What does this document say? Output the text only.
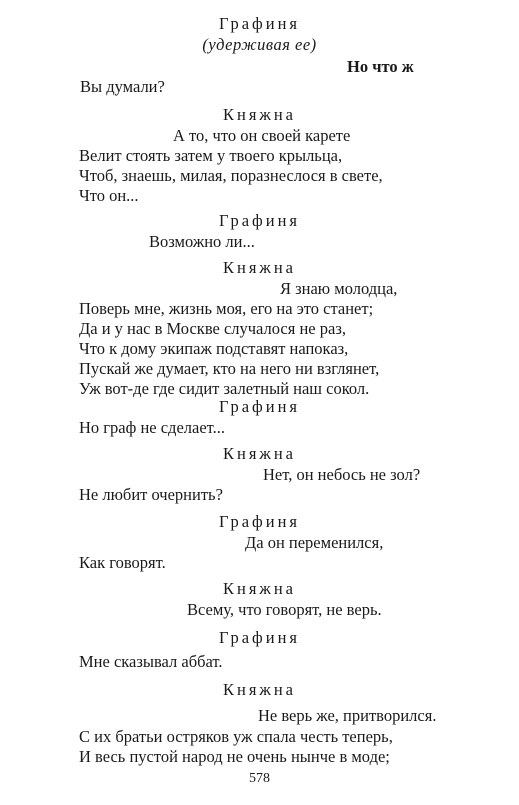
Графиня
(удерживая ее)
Но что ж
Вы думали?
Княжна
А то, что он своей карете
Велит стоять затем у твоего крыльца,
Чтоб, знаешь, милая, поразнеслося в свете,
Что он...
Графиня
Возможно ли...
Княжна
Я знаю молодца,
Поверь мне, жизнь моя, его на это станет;
Да и у нас в Москве случалося не раз,
Что к дому экипаж подставят напоказ,
Пускай же думает, кто на него ни взглянет,
Уж вот-де где сидит залетный наш сокол.
Графиня
Но граф не сделает...
Княжна
Нет, он небось не зол?
Не любит очернить?
Графиня
Да он переменился,
Как говорят.
Княжна
Всему, что говорят, не верь.
Графиня
Мне сказывал аббат.
Княжна
Не верь же, притворился.
С их братьи остряков уж спала честь теперь,
И весь пустой народ не очень нынче в моде;
578
